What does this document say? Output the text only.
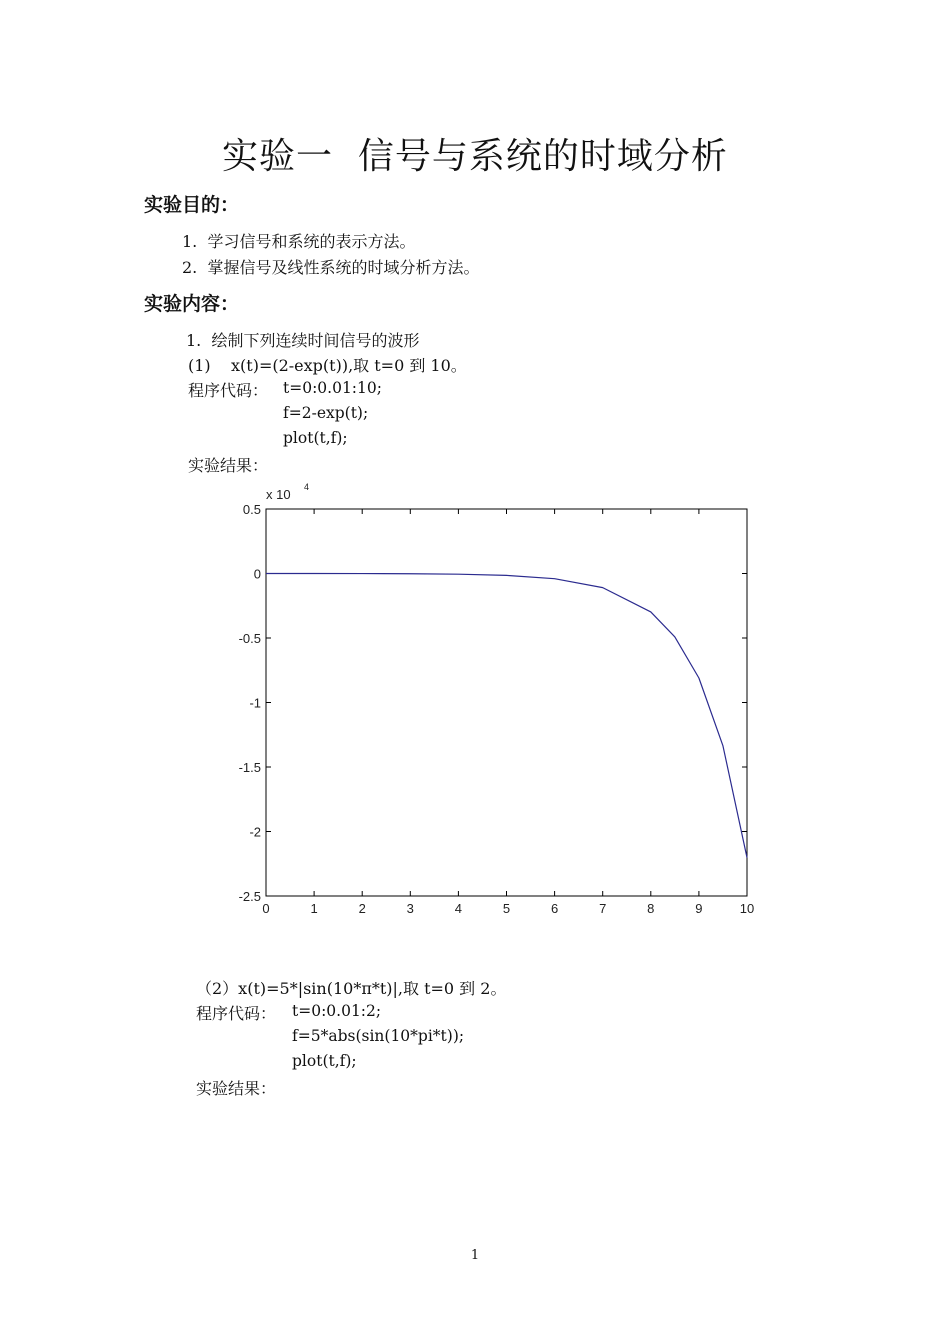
实验一  信号与系统的时域分析
实验目的：
1.  学习信号和系统的表示方法。
2.  掌握信号及线性系统的时域分析方法。
实验内容：
1.  绘制下列连续时间信号的波形
(1)    x(t)=(2-exp(t)),取 t=0 到 10。
程序代码： t=0:0.01:10;
f=2-exp(t);
plot(t,f);
实验结果：
0	1	2	3	4	5	6	7	8	9	10
0.5
0
-0.5
-1
-1.5
-2
-2.5
x 10 4
（2）x(t)=5*|sin(10*π*t)|,取 t=0 到 2。
程序代码： t=0:0.01:2;
f=5*abs(sin(10*pi*t));
plot(t,f);
实验结果：
1
